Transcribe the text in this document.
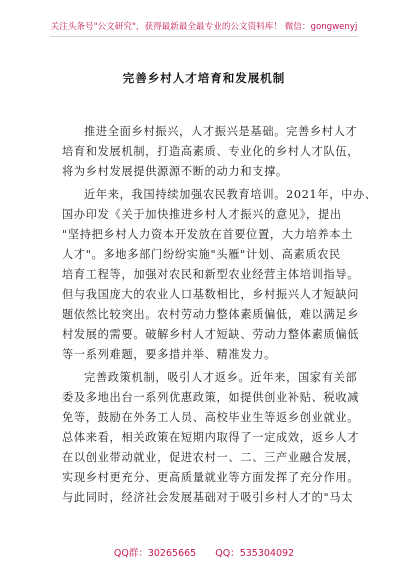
关注头条号"公文研究"，获得最新最全最专业的公文资料库！ 微信：gongwenyj
完善乡村人才培育和发展机制
推进全面乡村振兴，人才振兴是基础。完善乡村人才
培育和发展机制，打造高素质、专业化的乡村人才队伍，
将为乡村发展提供源源不断的动力和支撑。
近年来，我国持续加强农民教育培训。2021年，中办、
国办印发《关于加快推进乡村人才振兴的意见》，提出
"坚持把乡村人力资本开发放在首要位置，大力培养本土
人才"。多地多部门纷纷实施"头雁"计划、高素质农民
培育工程等，加强对农民和新型农业经营主体培训指导。
但与我国庞大的农业人口基数相比，乡村振兴人才短缺问
题依然比较突出。农村劳动力整体素质偏低，难以满足乡
村发展的需要。破解乡村人才短缺、劳动力整体素质偏低
等一系列难题，要多措并举、精准发力。
完善政策机制，吸引人才返乡。近年来，国家有关部
委及多地出台一系列优惠政策，如提供创业补贴、税收减
免等，鼓励在外务工人员、高校毕业生等返乡创业就业。
总体来看，相关政策在短期内取得了一定成效，返乡人才
在以创业带动就业，促进农村一、二、三产业融合发展，
实现乡村更充分、更高质量就业等方面发挥了充分作用。
与此同时，经济社会发展基础对于吸引乡村人才的"马太
QQ群：30265665 QQ：535304092
